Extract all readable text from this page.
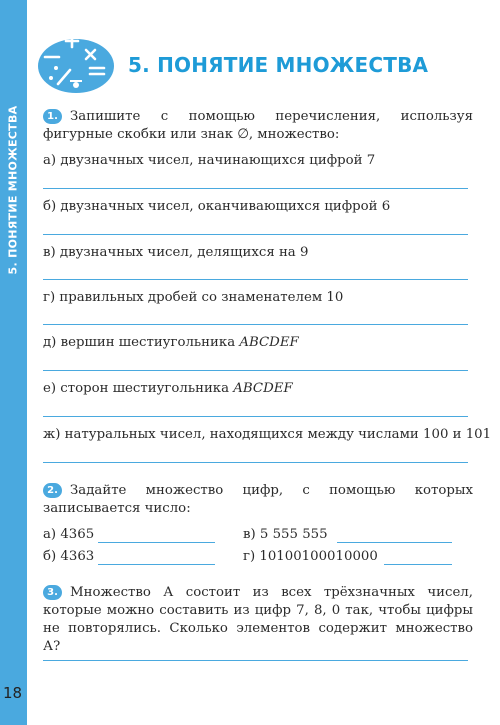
5. ПОНЯТИЕ МНОЖЕСТВА
18
5. ПОНЯТИЕ МНОЖЕСТВА
1. Запишите с помощью перечисления, используя фигурные скобки или знак ∅, множество:
а) двузначных чисел, начинающихся цифрой 7
б) двузначных чисел, оканчивающихся цифрой 6
в) двузначных чисел, делящихся на 9
г) правильных дробей со знаменателем 10
д) вершин шестиугольника ABCDEF
е) сторон шестиугольника ABCDEF
ж) натуральных чисел, находящихся между числами 100 и 101
2. Задайте множество цифр, с помощью которых записывается число:
а) 4365	в) 5 555 555
б) 4363	г) 10100100010000
3. Множество А состоит из всех трёхзначных чисел, которые можно составить из цифр 7, 8, 0 так, чтобы цифры не повторялись. Сколько элементов содержит множество А?
